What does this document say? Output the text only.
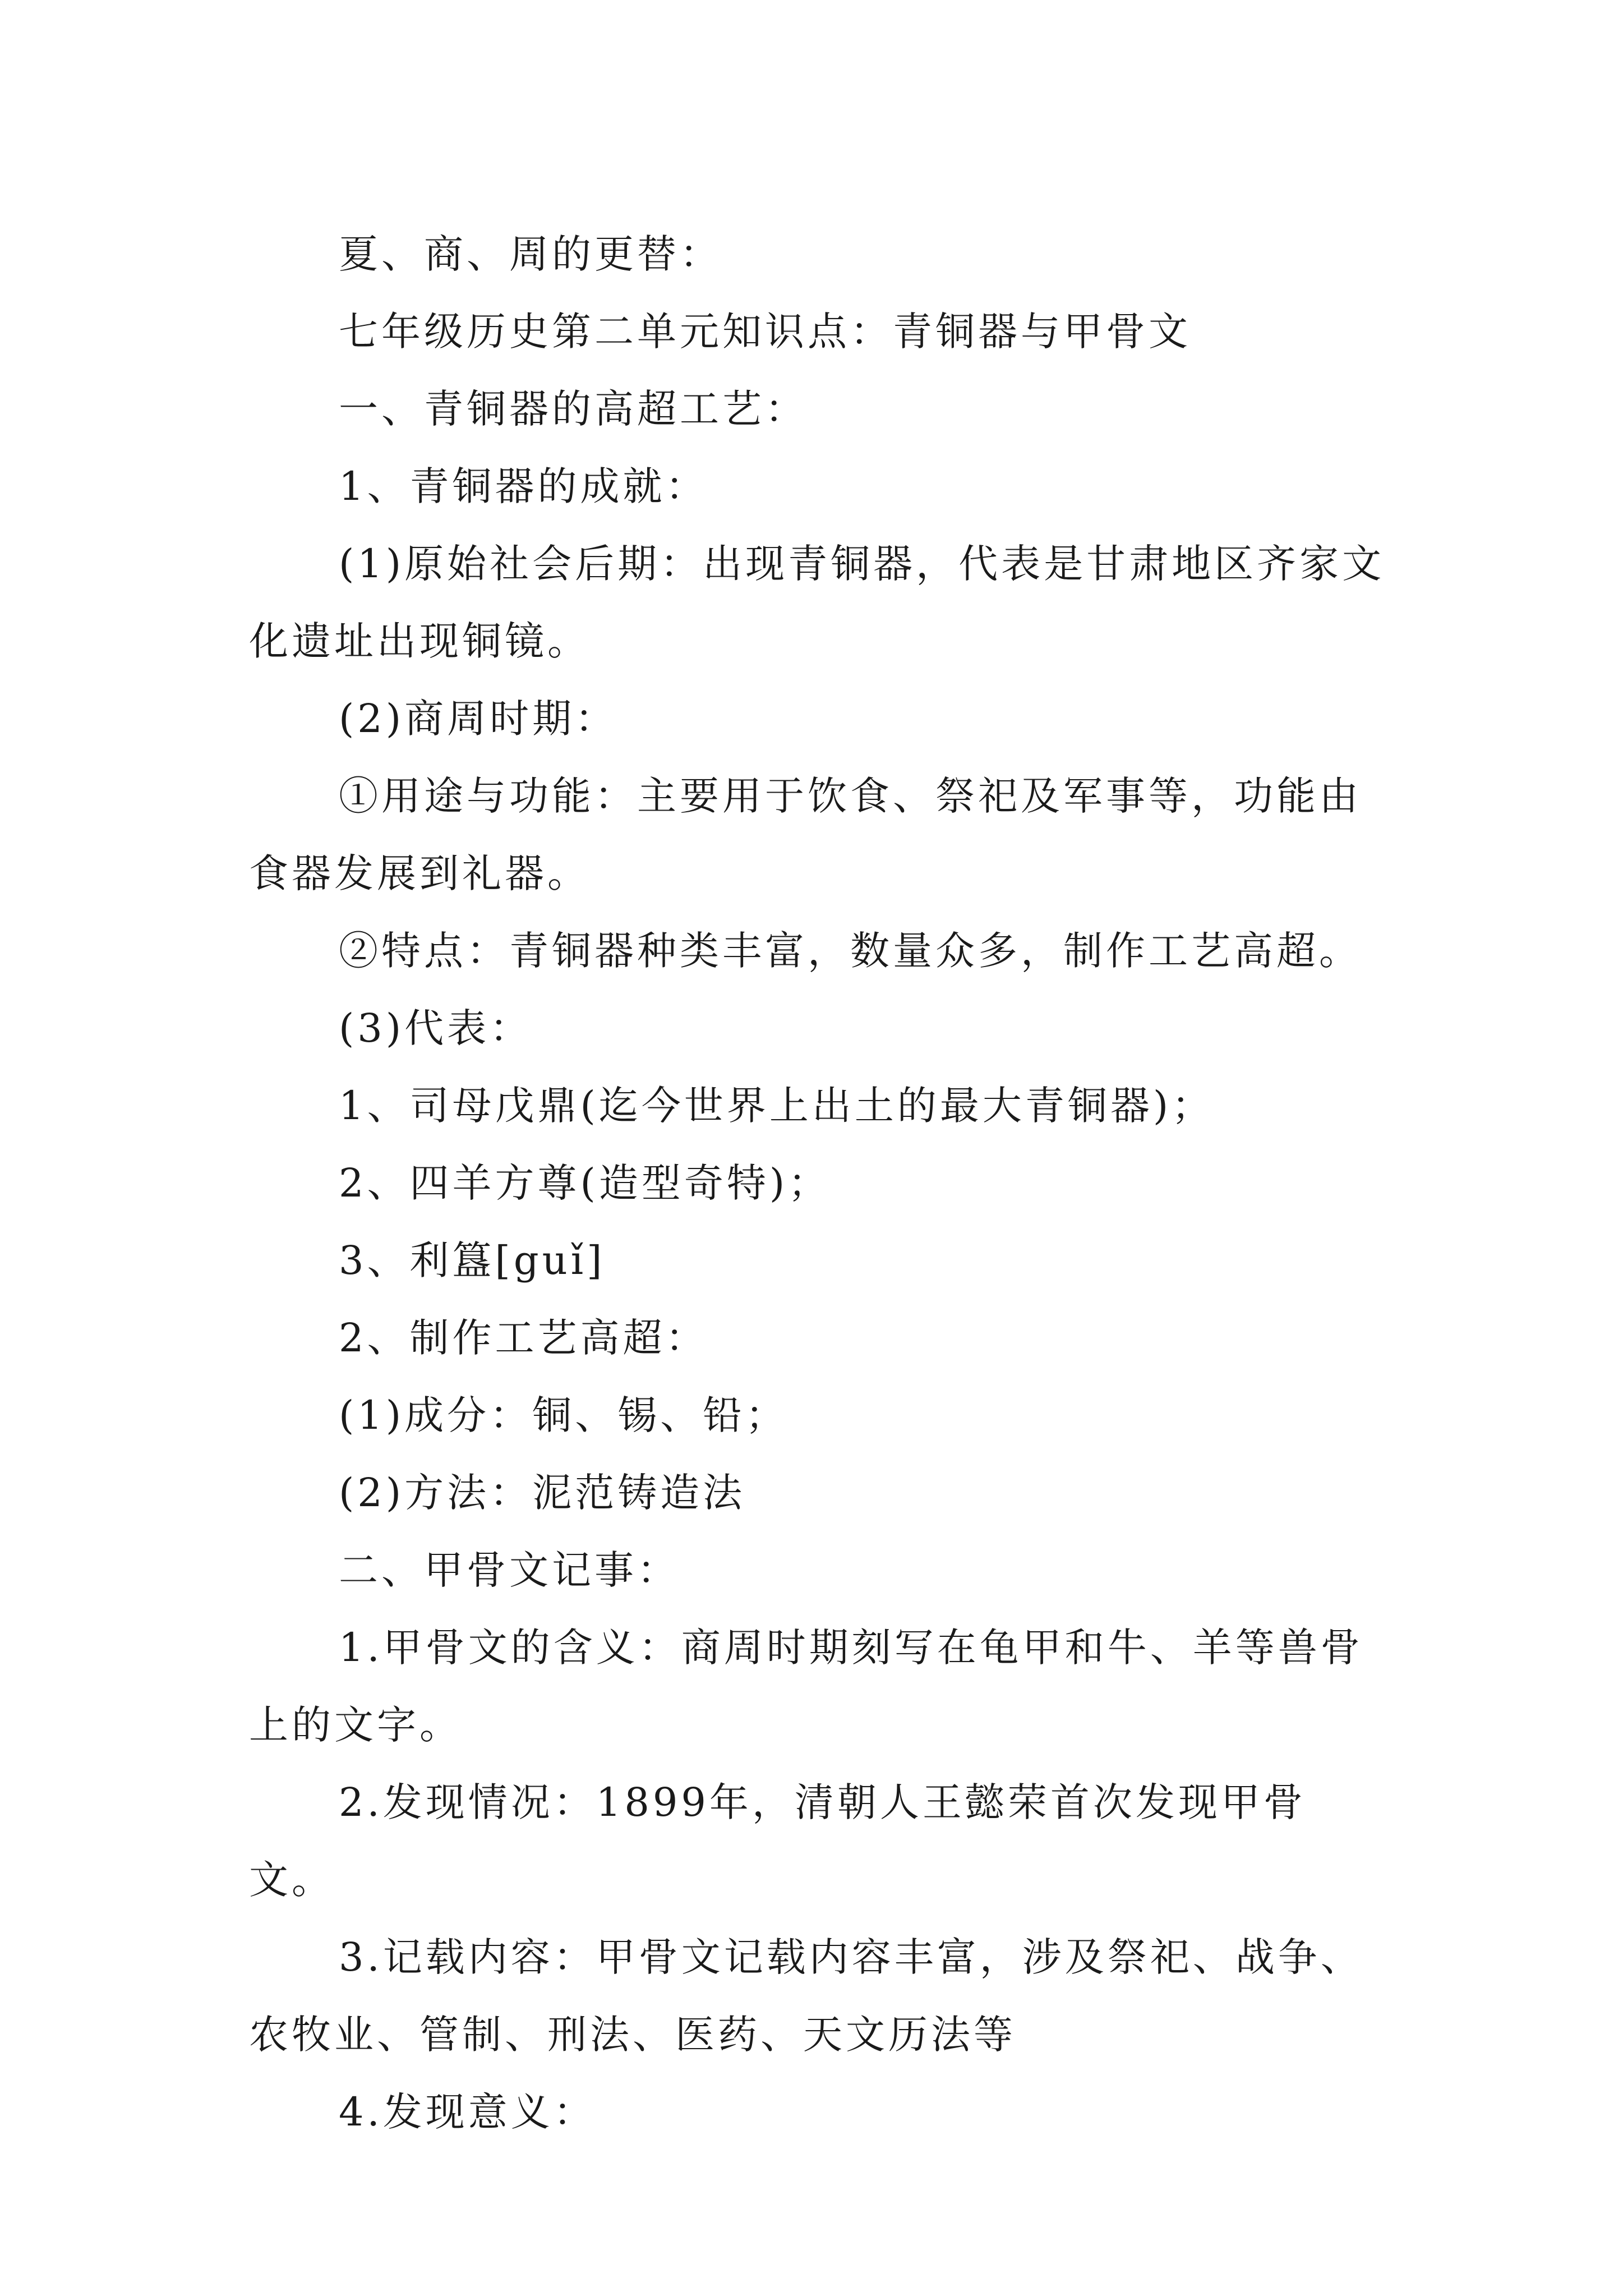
夏、商、周的更替：

七年级历史第二单元知识点：青铜器与甲骨文

一、青铜器的高超工艺：

1、青铜器的成就：

(1)原始社会后期：出现青铜器，代表是甘肃地区齐家文化遗址出现铜镜。

(2)商周时期：

①用途与功能：主要用于饮食、祭祀及军事等，功能由食器发展到礼器。

②特点：青铜器种类丰富，数量众多，制作工艺高超。

(3)代表：

1、司母戊鼎(迄今世界上出土的最大青铜器)；

2、四羊方尊(造型奇特)；

3、利簋[guǐ]

2、制作工艺高超：

(1)成分：铜、锡、铅；

(2)方法：泥范铸造法

二、甲骨文记事：

1.甲骨文的含义：商周时期刻写在龟甲和牛、羊等兽骨上的文字。

2.发现情况：1899年，清朝人王懿荣首次发现甲骨文。

3.记载内容：甲骨文记载内容丰富，涉及祭祀、战争、农牧业、管制、刑法、医药、天文历法等

4.发现意义：
